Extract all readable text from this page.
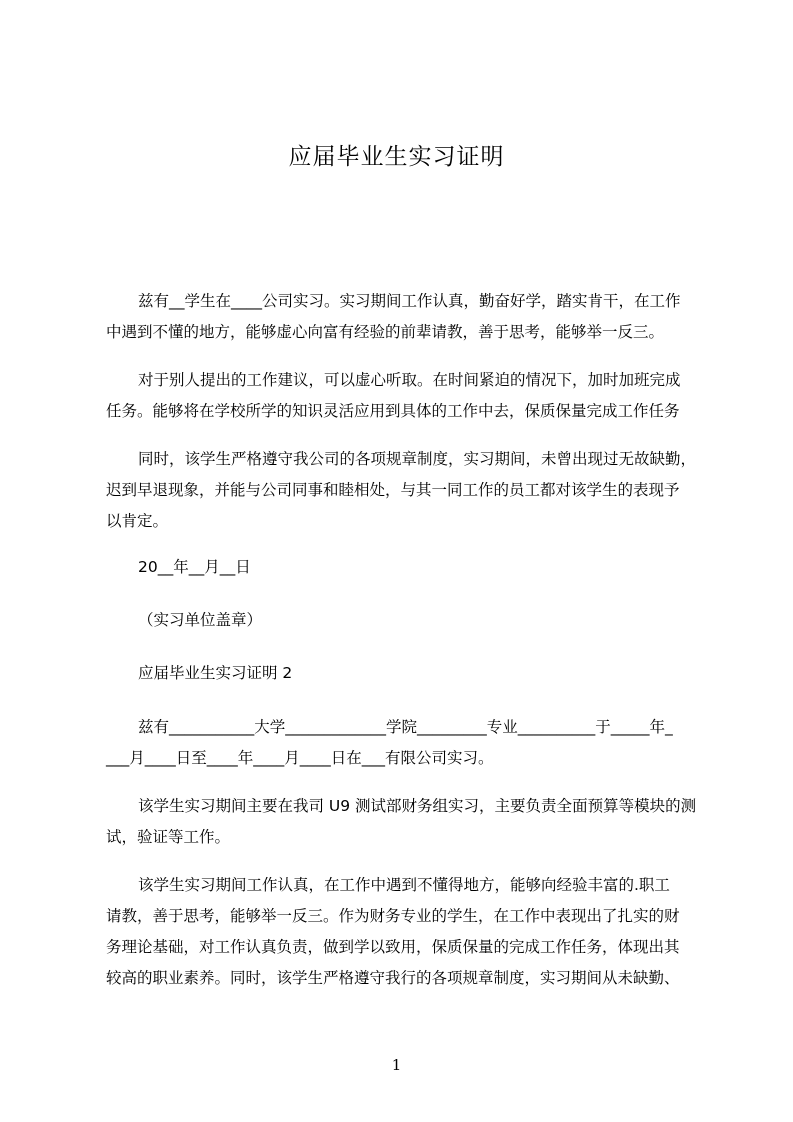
应届毕业生实习证明

兹有__学生在____公司实习。实习期间工作认真，勤奋好学，踏实肯干，在工作
中遇到不懂的地方，能够虚心向富有经验的前辈请教，善于思考，能够举一反三。

对于别人提出的工作建议，可以虚心听取。在时间紧迫的情况下，加时加班完成
任务。能够将在学校所学的知识灵活应用到具体的工作中去，保质保量完成工作任务

同时，该学生严格遵守我公司的各项规章制度，实习期间，未曾出现过无故缺勤，
迟到早退现象，并能与公司同事和睦相处，与其一同工作的员工都对该学生的表现予
以肯定。

20__年__月__日

（实习单位盖章）

应届毕业生实习证明 2

兹有___________大学_____________学院_________专业__________于_____年_
___月____日至____年____月____日在___有限公司实习。

该学生实习期间主要在我司 U9 测试部财务组实习，主要负责全面预算等模块的测
试，验证等工作。

该学生实习期间工作认真，在工作中遇到不懂得地方，能够向经验丰富的.职工
请教，善于思考，能够举一反三。作为财务专业的学生，在工作中表现出了扎实的财
务理论基础，对工作认真负责，做到学以致用，保质保量的完成工作任务，体现出其
较高的职业素养。同时，该学生严格遵守我行的各项规章制度，实习期间从未缺勤、

1
